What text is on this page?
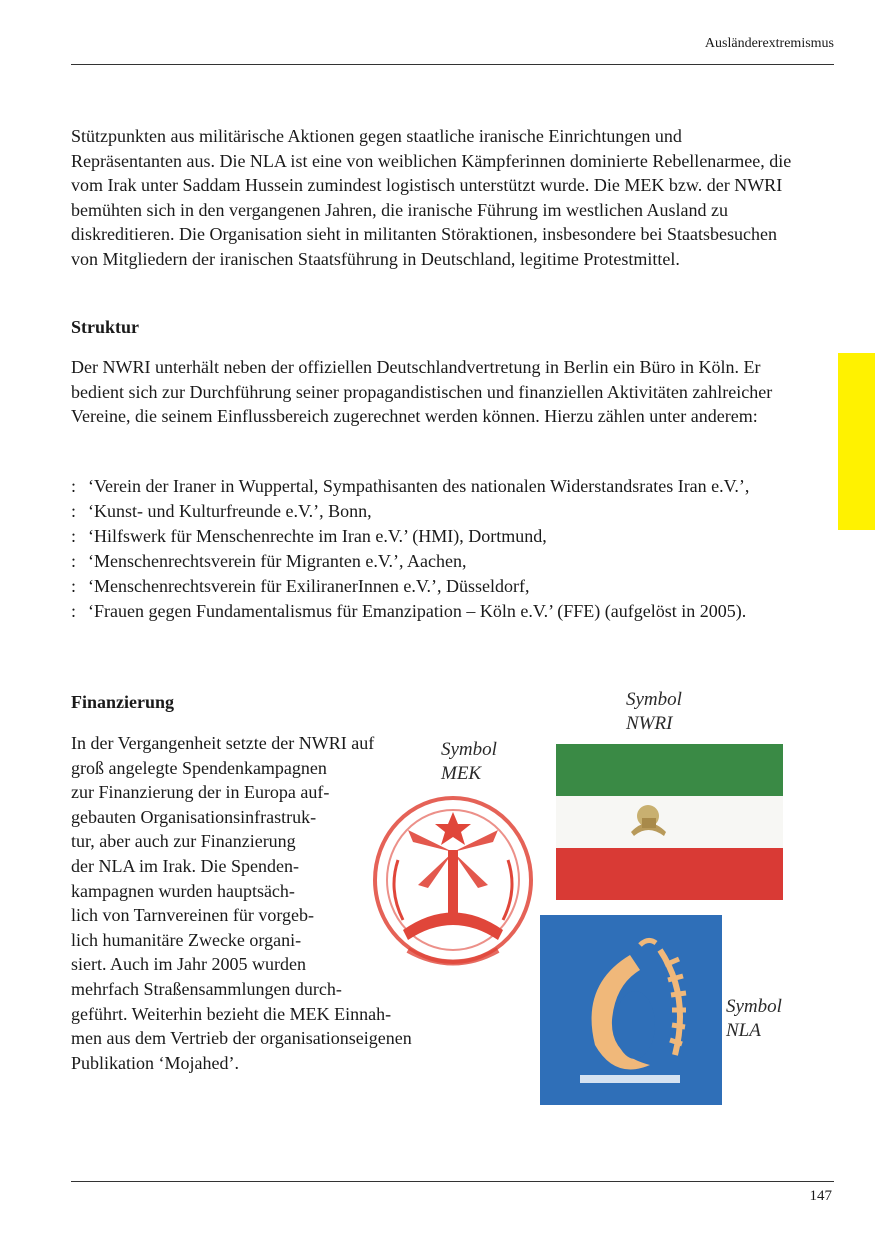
Ausländerextremismus

Stützpunkten aus militärische Aktionen gegen staatliche iranische Einrichtungen und Repräsentanten aus. Die NLA ist eine von weiblichen Kämpferinnen dominierte Rebellenarmee, die vom Irak unter Saddam Hussein zumindest logistisch unterstützt wurde. Die MEK bzw. der NWRI bemühten sich in den vergangenen Jahren, die iranische Führung im westlichen Ausland zu diskreditieren. Die Organisation sieht in militanten Störaktionen, insbesondere bei Staatsbesuchen von Mitgliedern der iranischen Staatsführung in Deutschland, legitime Protestmittel.

Struktur

Der NWRI unterhält neben der offiziellen Deutschlandvertretung in Berlin ein Büro in Köln. Er bedient sich zur Durchführung seiner propagandistischen und finanziellen Aktivitäten zahlreicher Vereine, die seinem Einflussbereich zugerechnet werden können. Hierzu zählen unter anderem:

: ‘Verein der Iraner in Wuppertal, Sympathisanten des nationalen Widerstandsrates Iran e.V.’,
: ‘Kunst- und Kulturfreunde e.V.’, Bonn,
: ‘Hilfswerk für Menschenrechte im Iran e.V.’ (HMI), Dortmund,
: ‘Menschenrechtsverein für Migranten e.V.’, Aachen,
: ‘Menschenrechtsverein für ExiliranerInnen e.V.’, Düsseldorf,
: ‘Frauen gegen Fundamentalismus für Emanzipation – Köln e.V.’ (FFE) (aufgelöst in 2005).
Finanzierung

In der Vergangenheit setzte der NWRI auf
groß angelegte Spendenkampagnen
zur Finanzierung der in Europa auf-
gebauten Organisationsinfrastruk-
tur, aber auch zur Finanzierung
der NLA im Irak. Die Spenden-
kampagnen wurden hauptsäch-
lich von Tarnvereinen für vorgeb-
lich humanitäre Zwecke organi-
siert. Auch im Jahr 2005 wurden
mehrfach Straßensammlungen durch-
geführt. Weiterhin bezieht die MEK Einnah-
men aus dem Vertrieb der organisationseigenen
Publikation ‘Mojahed’.

Symbol
NWRI
Symbol
MEK
Symbol
NLA
147
